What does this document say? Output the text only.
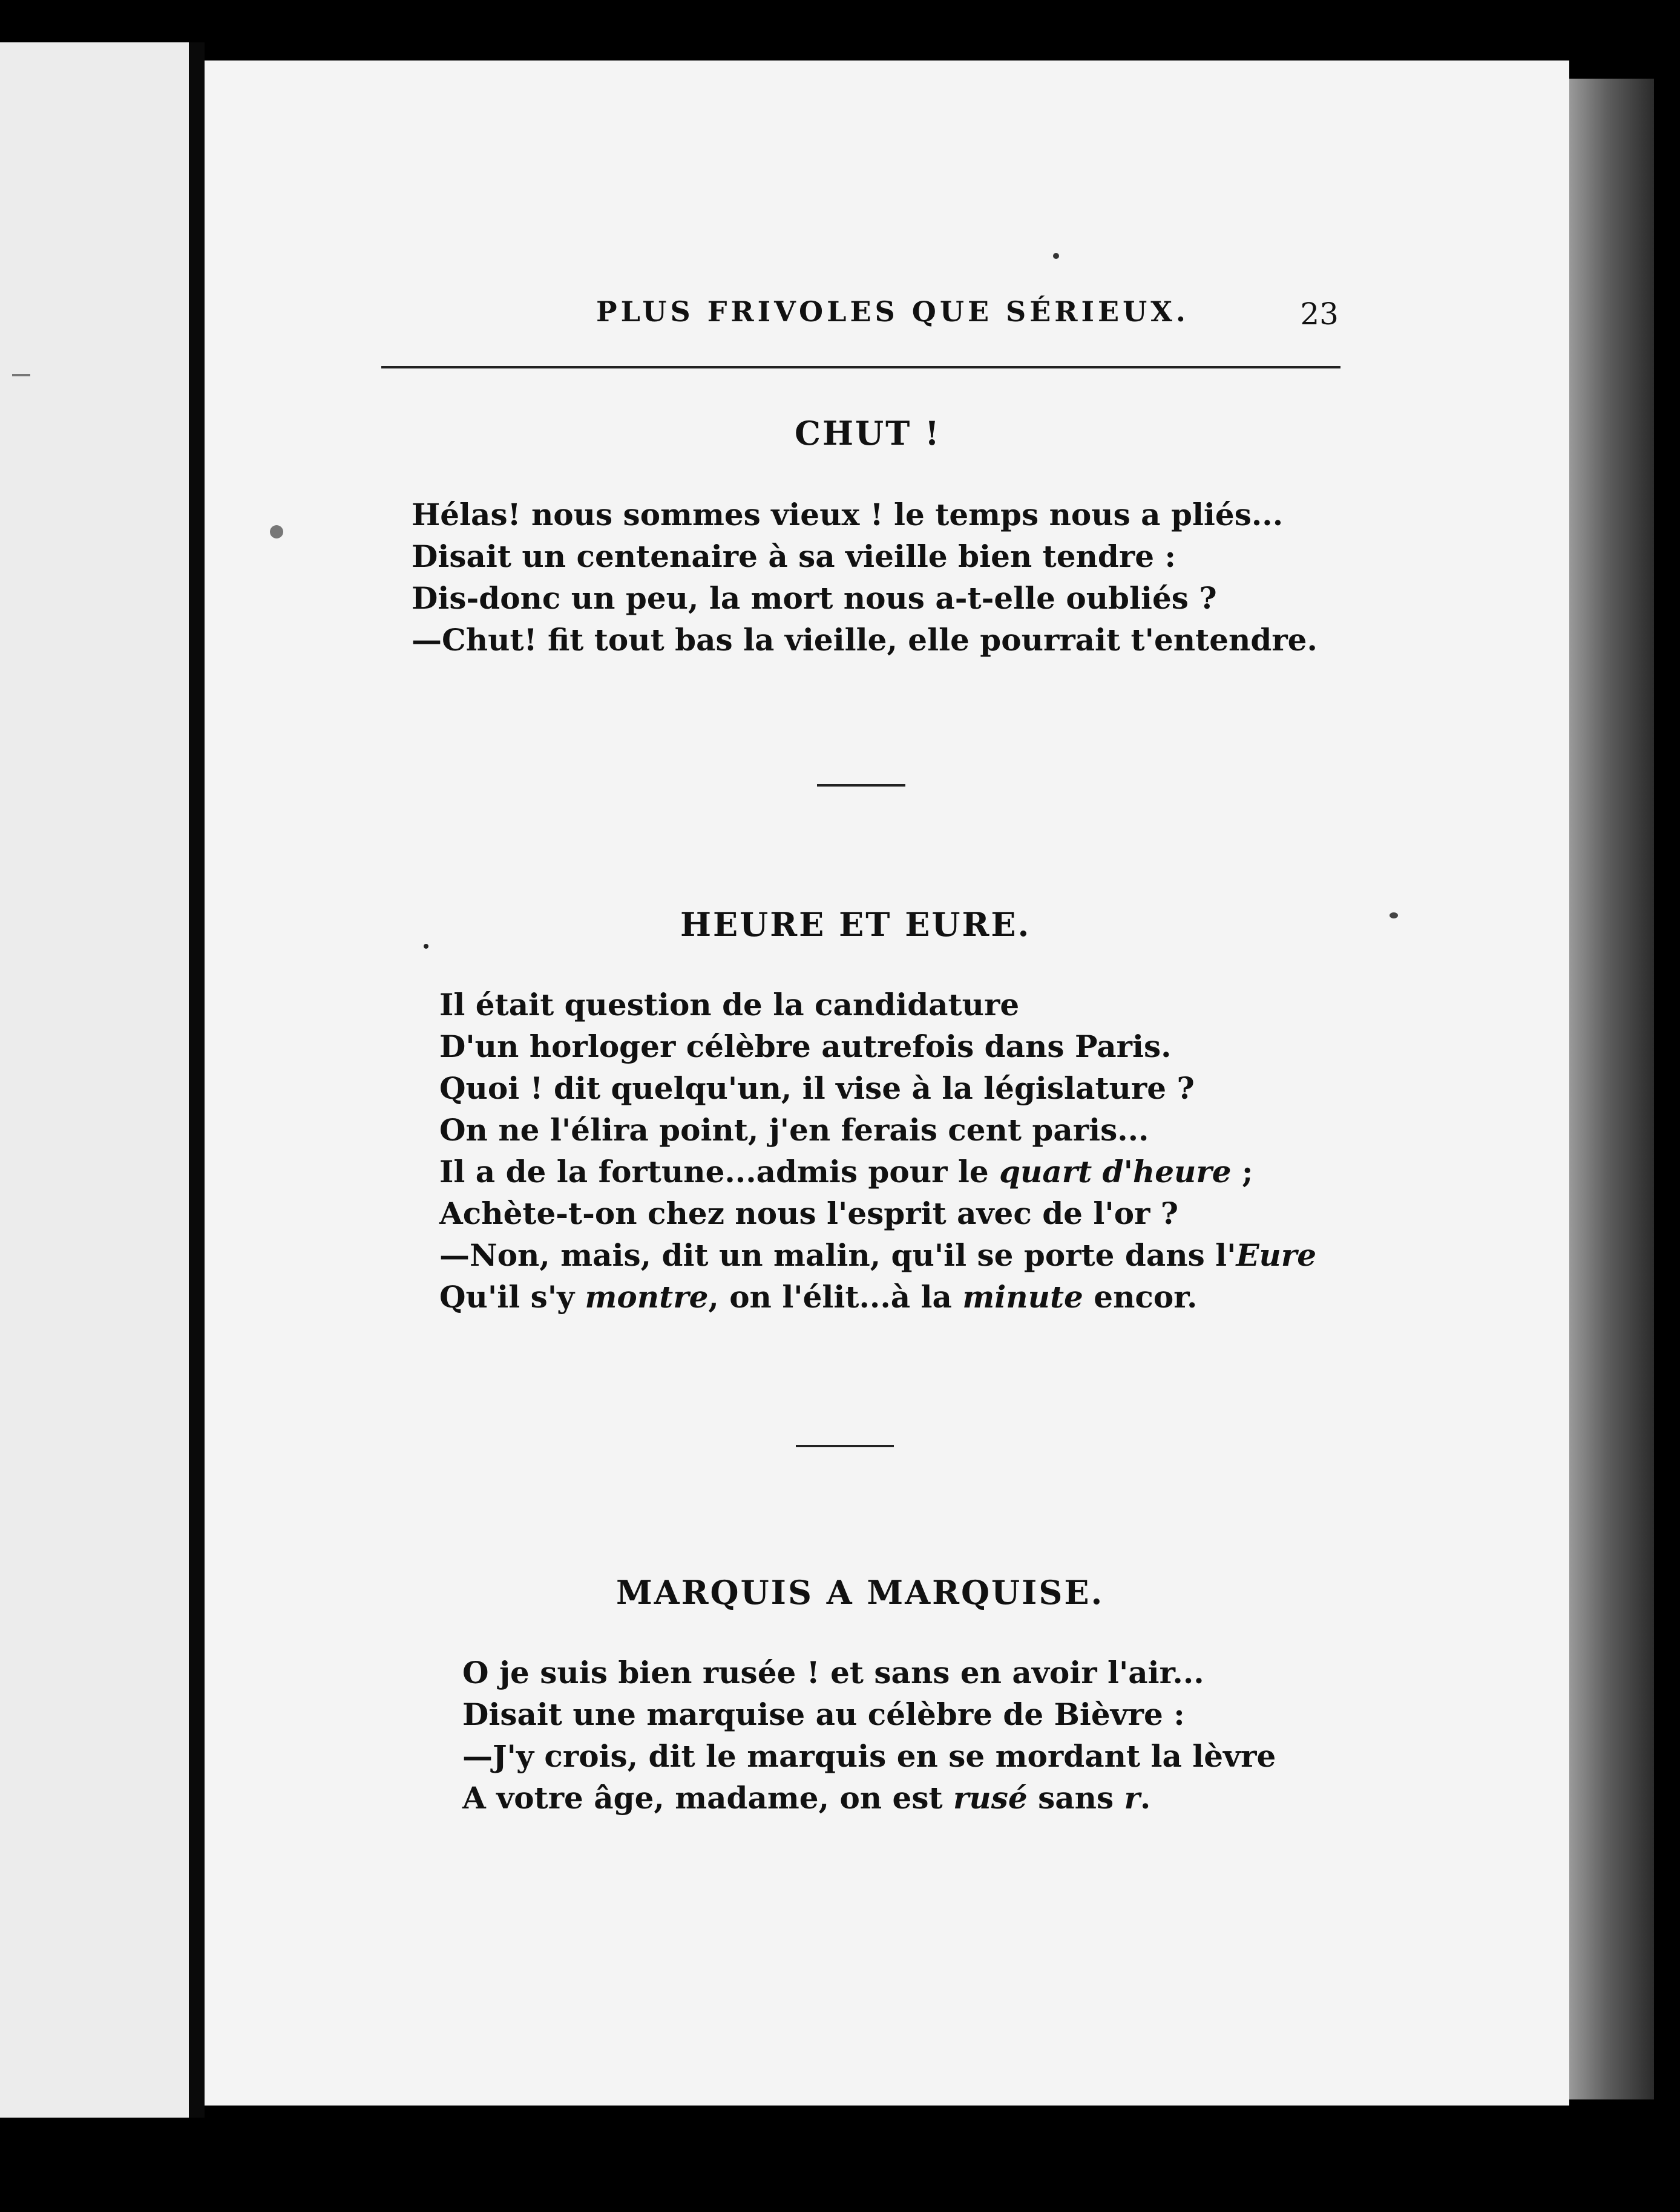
PLUS FRIVOLES QUE SÉRIEUX.	23
CHUT !
Hélas! nous sommes vieux ! le temps nous a pliés...
Disait un centenaire à sa vieille bien tendre :
Dis-donc un peu, la mort nous a-t-elle oubliés ?
—Chut! fit tout bas la vieille, elle pourrait t'entendre.
HEURE ET EURE.
Il était question de la candidature
D'un horloger célèbre autrefois dans Paris.
Quoi ! dit quelqu'un, il vise à la législature ?
On ne l'élira point, j'en ferais cent paris...
Il a de la fortune...admis pour le quart d'heure ;
Achète-t-on chez nous l'esprit avec de l'or ?
—Non, mais, dit un malin, qu'il se porte dans l'Eure
Qu'il s'y montre, on l'élit...à la minute encor.
MARQUIS A MARQUISE.
O je suis bien rusée ! et sans en avoir l'air...
Disait une marquise au célèbre de Bièvre :
—J'y crois, dit le marquis en se mordant la lèvre
A votre âge, madame, on est rusé sans r.
